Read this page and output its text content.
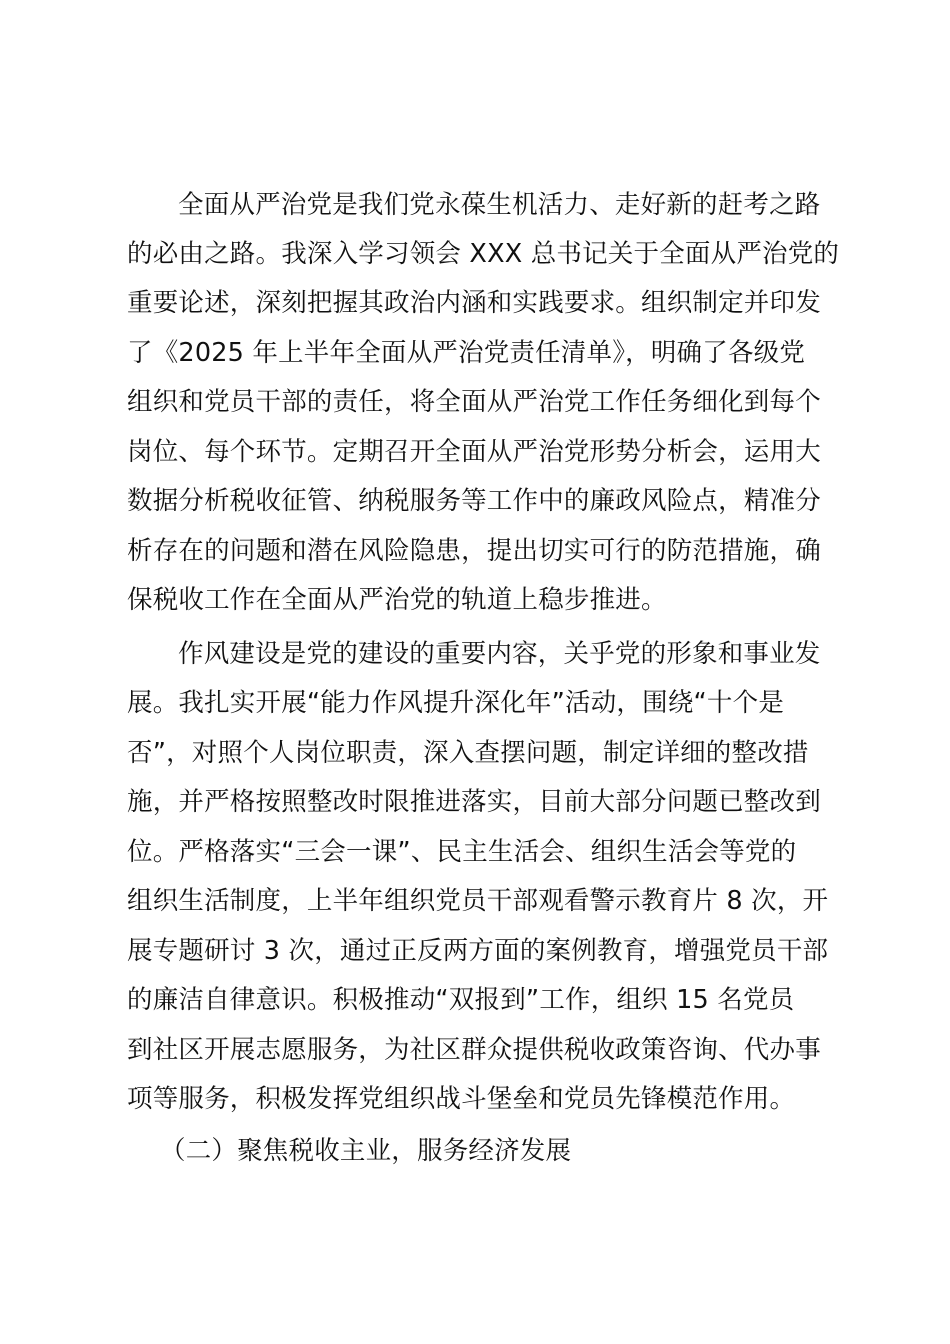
全面从严治党是我们党永葆生机活力、走好新的赶考之路
的必由之路。我深入学习领会 XXX 总书记关于全面从严治党的
重要论述，深刻把握其政治内涵和实践要求。组织制定并印发
了《2025 年上半年全面从严治党责任清单》，明确了各级党
组织和党员干部的责任，将全面从严治党工作任务细化到每个
岗位、每个环节。定期召开全面从严治党形势分析会，运用大
数据分析税收征管、纳税服务等工作中的廉政风险点，精准分
析存在的问题和潜在风险隐患，提出切实可行的防范措施，确
保税收工作在全面从严治党的轨道上稳步推进。
作风建设是党的建设的重要内容，关乎党的形象和事业发
展。我扎实开展“能力作风提升深化年”活动，围绕“十个是
否”，对照个人岗位职责，深入查摆问题，制定详细的整改措
施，并严格按照整改时限推进落实，目前大部分问题已整改到
位。严格落实“三会一课”、民主生活会、组织生活会等党的
组织生活制度，上半年组织党员干部观看警示教育片 8 次，开
展专题研讨 3 次，通过正反两方面的案例教育，增强党员干部
的廉洁自律意识。积极推动“双报到”工作，组织 15 名党员
到社区开展志愿服务，为社区群众提供税收政策咨询、代办事
项等服务，积极发挥党组织战斗堡垒和党员先锋模范作用。
（二）聚焦税收主业，服务经济发展
